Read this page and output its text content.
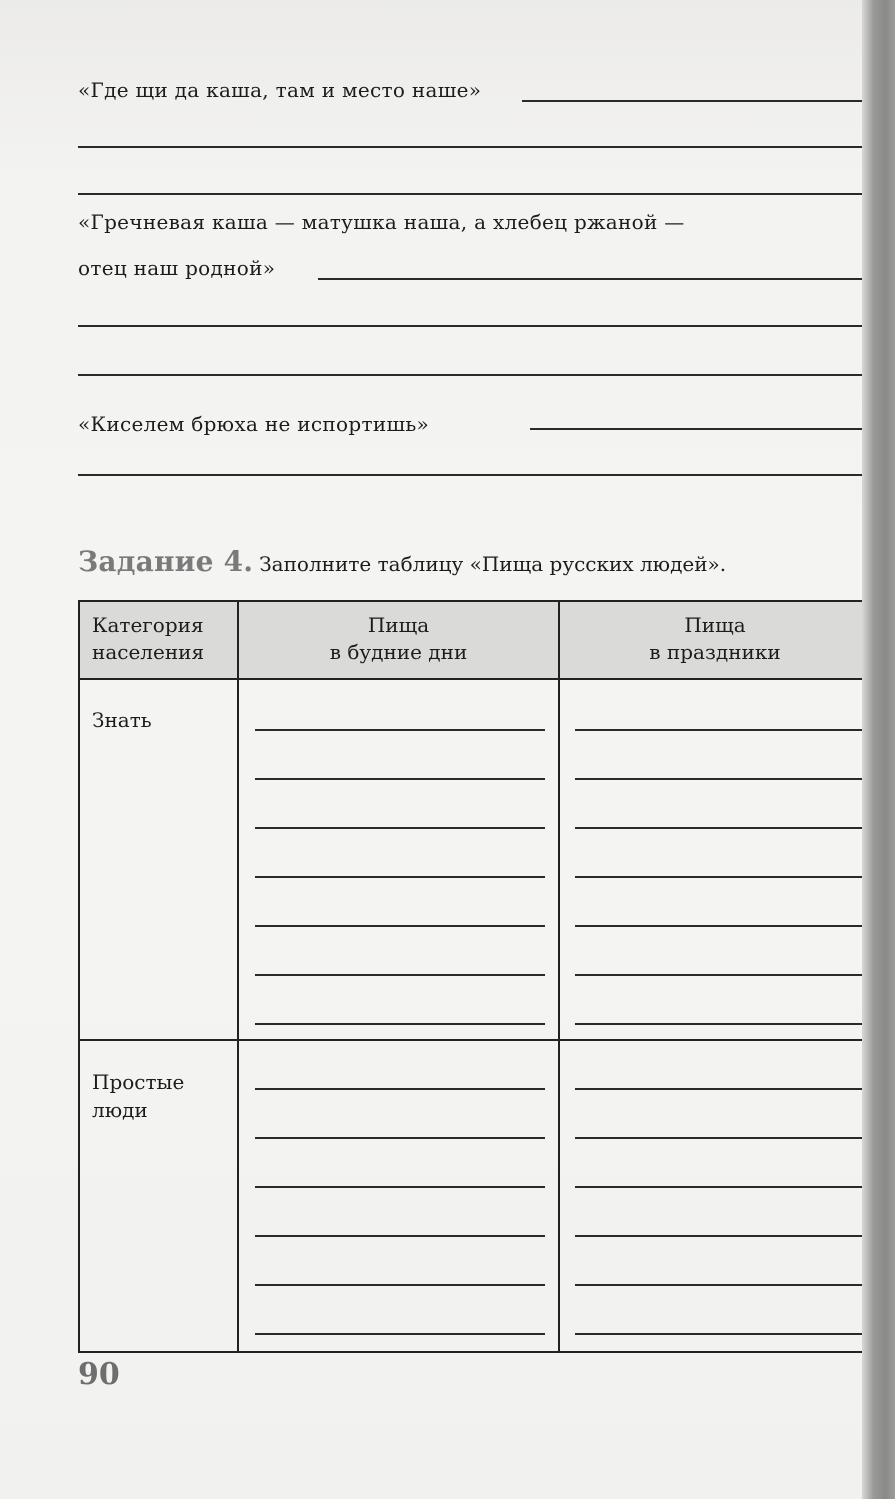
«Где щи да каша, там и место наше»
«Гречневая каша — матушка наша, а хлебец ржаной —
отец наш родной»
«Киселем брюха не испортишь»
Задание 4. Заполните таблицу «Пища русских людей».
Категория
населения
Пища
в будние дни
Пища
в праздники
Знать
Простые
люди
90
